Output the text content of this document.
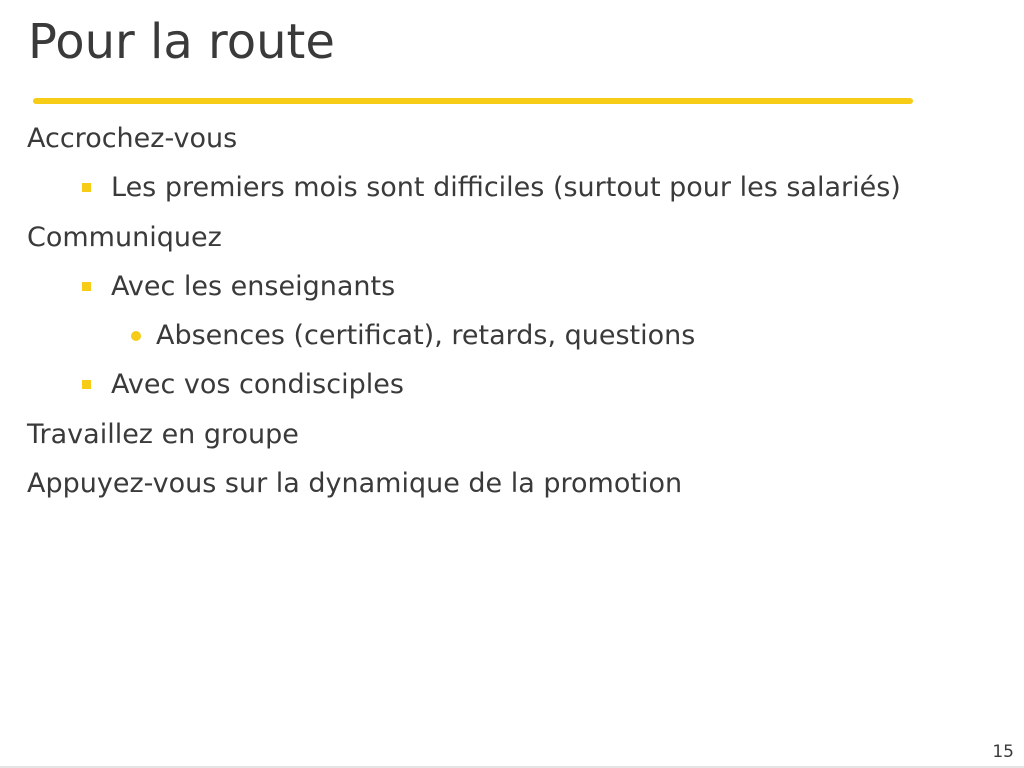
Pour la route
Accrochez-vous
Les premiers mois sont difficiles (surtout pour les salariés)
Communiquez
Avec les enseignants
Absences (certificat), retards, questions
Avec vos condisciples
Travaillez en groupe
Appuyez-vous sur la dynamique de la promotion
15
